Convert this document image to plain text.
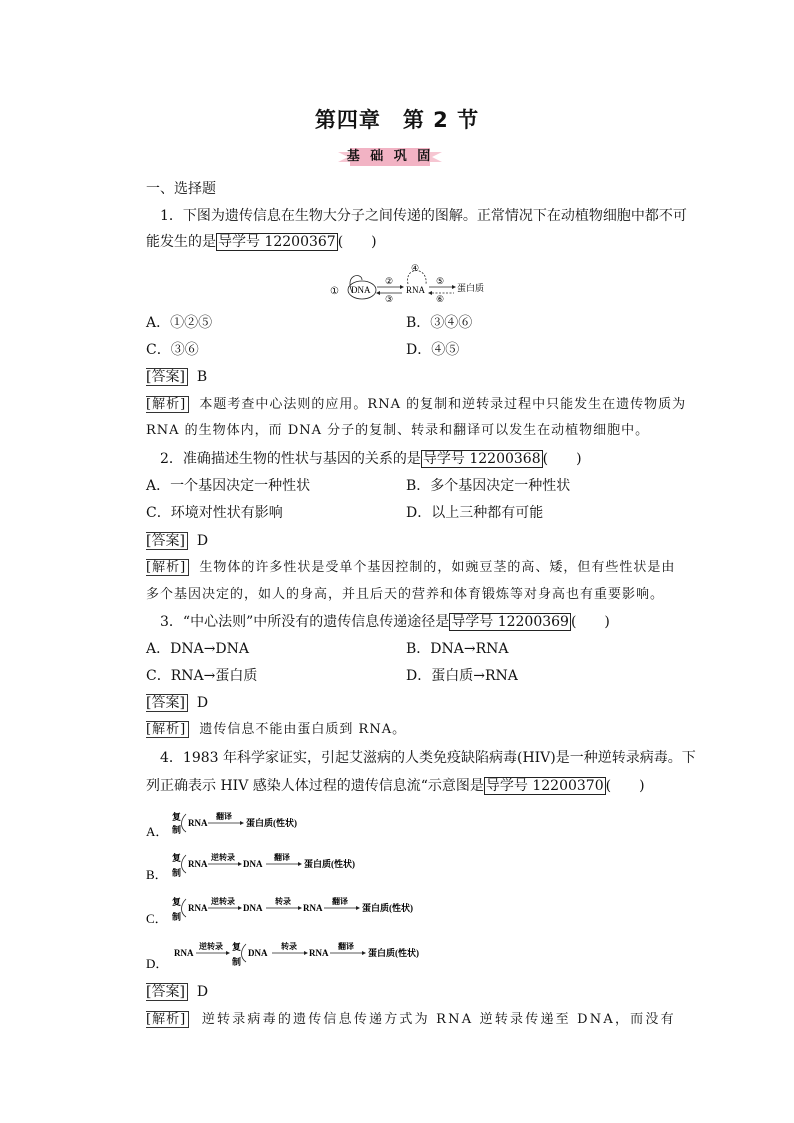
第四章　第 2 节
基 础 巩 固
一、选择题
1．下图为遗传信息在生物大分子之间传递的图解。正常情况下在动植物细胞中都不可
能发生的是 导学号 12200367 (　　)
① DNA
②
③
④
RNA
⑤
⑥
蛋白质
A．①②⑤	B．③④⑥
C．③⑥	D．④⑤
[答案] B
[解析] 本题考查中心法则的应用。RNA 的复制和逆转录过程中只能发生在遗传物质为
RNA 的生物体内，而 DNA 分子的复制、转录和翻译可以发生在动植物细胞中。
2．准确描述生物的性状与基因的关系的是 导学号 12200368 (　　)
A．一个基因决定一种性状	B．多个基因决定一种性状
C．环境对性状有影响	D．以上三种都有可能
[答案] D
[解析] 生物体的许多性状是受单个基因控制的，如豌豆茎的高、矮，但有些性状是由
多个基因决定的，如人的身高，并且后天的营养和体育锻炼等对身高也有重要影响。
3．“中心法则”中所没有的遗传信息传递途径是 导学号 12200369 (　　)
A．DNA→DNA	B．DNA→RNA
C．RNA→蛋白质	D．蛋白质→RNA
[答案] D
[解析] 遗传信息不能由蛋白质到 RNA。
4．1983 年科学家证实，引起艾滋病的人类免疫缺陷病毒(HIV)是一种逆转录病毒。下
列正确表示 HIV 感染人体过程的遗传信息流“示意图是 导学号 12200370 (　　)
A．
复
制
RNA
翻译
蛋白质(性状)
B．
复
制
RNA
逆转录
DNA
翻译
蛋白质(性状)
C．
复
制
RNA
逆转录
DNA
转录
RNA
翻译
蛋白质(性状)
D．
RNA
逆转录 复
制
DNA
转录
RNA
翻译
蛋白质(性状)
[答案] D
[解析] 逆转录病毒的遗传信息传递方式为 RNA 逆转录传递至 DNA，而没有
